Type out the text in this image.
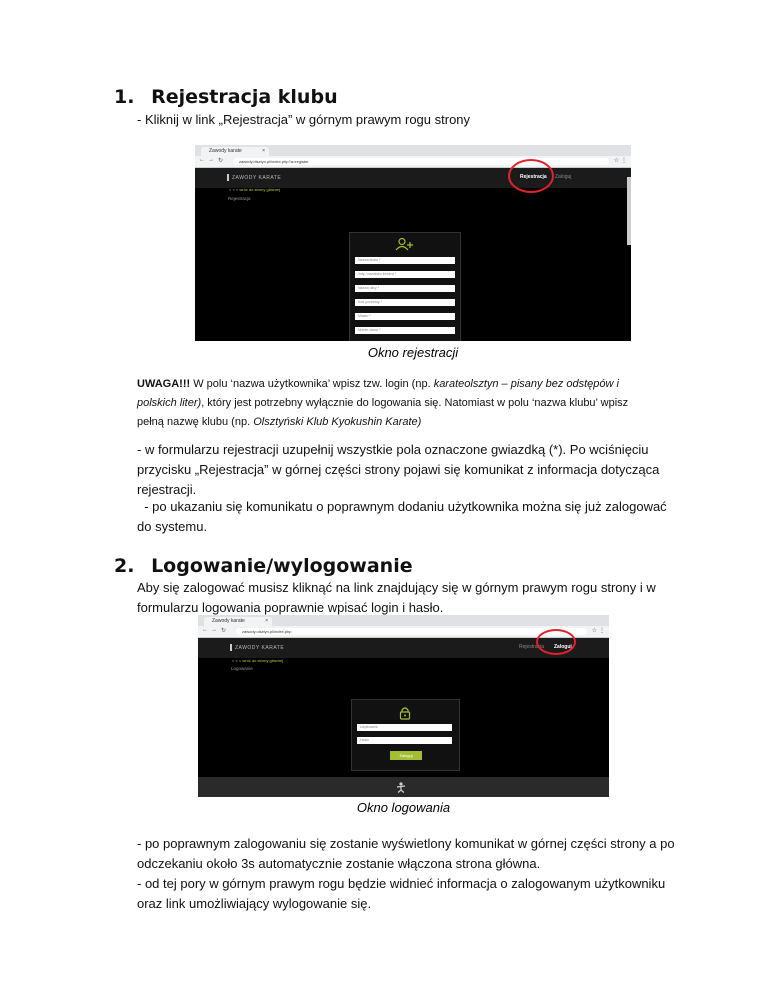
1. Rejestracja klubu

- Kliknij w link „Rejestracja” w górnym prawym rogu strony

Zawody karate	×
← → ↻	zawody.olsztyn.pl/index.php?a=register	☆ ⋮
ZAWODY KARATE	Rejestracja Zaloguj
< < < wróć do strony głównej
Rejestracja
Nazwa klubu *
Imię i nazwisko trenera *
Nazwa ulicy *
Kod pocztowy *
Miasto *
Numer domu *

Okno rejestracji

UWAGA!!! W polu ‘nazwa użytkownika’ wpisz tzw. login (np. karateolsztyn – pisany bez odstępów i polskich liter), który jest potrzebny wyłącznie do logowania się. Natomiast w polu ‘nazwa klubu’ wpisz pełną nazwę klubu (np. Olsztyński Klub Kyokushin Karate)

- w formularzu rejestracji uzupełnij wszystkie pola oznaczone gwiazdką (*). Po wciśnięciu przycisku „Rejestracja” w górnej części strony pojawi się komunikat z informacja dotycząca rejestracji.

- po ukazaniu się komunikatu o poprawnym dodaniu użytkownika można się już zalogować do systemu.

2. Logowanie/wylogowanie

Aby się zalogować musisz kliknąć na link znajdujący się w górnym prawym rogu strony i w formularzu logowania poprawnie wpisać login i hasło.

Zawody karate	×
← → ↻	zawody.olsztyn.pl/index.php	☆ ⋮
ZAWODY KARATE	Rejestracja Zaloguj
< < < wróć do strony głównej
Logowanie
Użytkownik
Hasło
Zaloguj

Okno logowania

- po poprawnym zalogowaniu się zostanie wyświetlony komunikat w górnej części strony a po odczekaniu około 3s automatycznie zostanie włączona strona główna.

- od tej pory w górnym prawym rogu będzie widnieć informacja o zalogowanym użytkowniku oraz link umożliwiający wylogowanie się.
